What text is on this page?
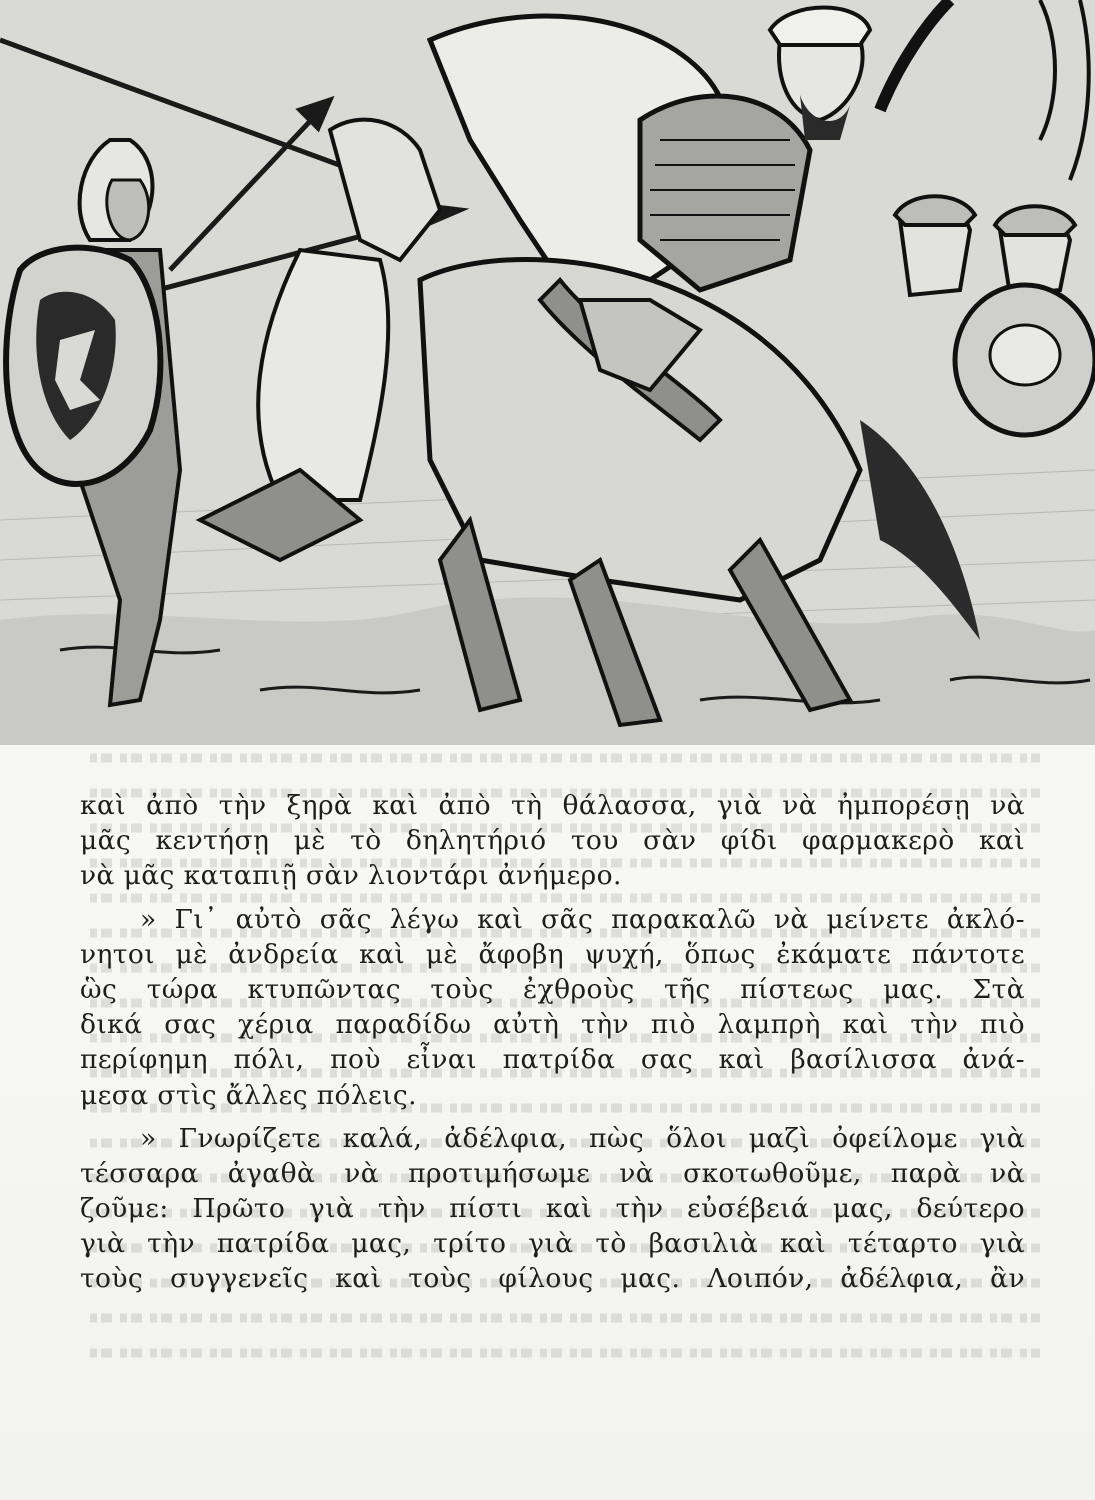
καὶ ἀπὸ τὴν ξηρὰ καὶ ἀπὸ τὴ θάλασσα, γιὰ νὰ ἠμπορέσῃ νὰ
μᾶς κεντήσῃ μὲ τὸ δηλητήριό του σὰν φίδι φαρμακερὸ καὶ
νὰ μᾶς καταπιῇ σὰν λιοντάρι ἀνήμερο.
» Γι᾿ αὐτὸ σᾶς λέγω καὶ σᾶς παρακαλῶ νὰ μείνετε ἀκλό-
νητοι μὲ ἀνδρεία καὶ μὲ ἄφοβη ψυχή, ὅπως ἐκάματε πάντοτε
ὣς τώρα κτυπῶντας τοὺς ἐχθροὺς τῆς πίστεως μας. Στὰ
δικά σας χέρια παραδίδω αὐτὴ τὴν πιὸ λαμπρὴ καὶ τὴν πιὸ
περίφημη πόλι, ποὺ εἶναι πατρίδα σας καὶ βασίλισσα ἀνά-
μεσα στὶς ἄλλες πόλεις.
» Γνωρίζετε καλά, ἀδέλφια, πὼς ὅλοι μαζὶ ὀφείλομε γιὰ
τέσσαρα ἀγαθὰ νὰ προτιμήσωμε νὰ σκοτωθοῦμε, παρὰ νὰ
ζοῦμε: Πρῶτο γιὰ τὴν πίστι καὶ τὴν εὐσέβειά μας, δεύτερο
γιὰ τὴν πατρίδα μας, τρίτο γιὰ τὸ βασιλιὰ καὶ τέταρτο γιὰ
τοὺς συγγενεῖς καὶ τοὺς φίλους μας. Λοιπόν, ἀδέλφια, ἂν
